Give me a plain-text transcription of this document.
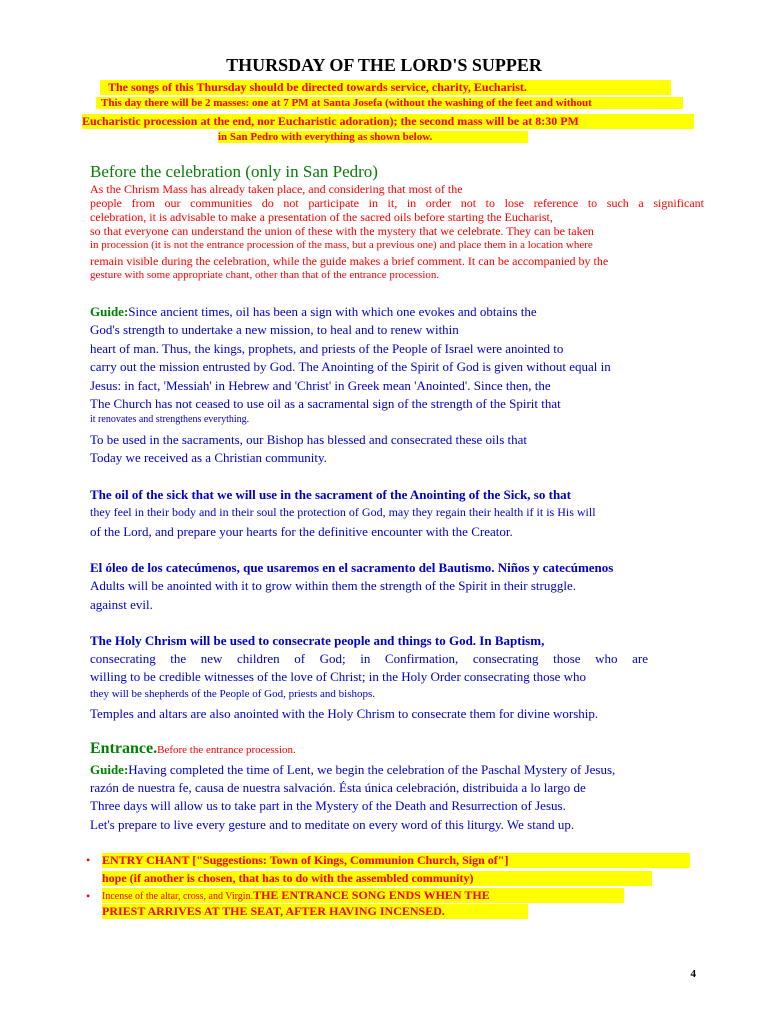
THURSDAY OF THE LORD'S SUPPER
The songs of this Thursday should be directed towards service, charity, Eucharist.
This day there will be 2 masses: one at 7 PM at Santa Josefa (without the washing of the feet and without
Eucharistic procession at the end, nor Eucharistic adoration); the second mass will be at 8:30 PM
in San Pedro with everything as shown below.
Before the celebration (only in San Pedro)
As the Chrism Mass has already taken place, and considering that most of the
people from our communities do not participate in it, in order not to lose reference to such a significant
celebration, it is advisable to make a presentation of the sacred oils before starting the Eucharist,
so that everyone can understand the union of these with the mystery that we celebrate. They can be taken
in procession (it is not the entrance procession of the mass, but a previous one) and place them in a location where
remain visible during the celebration, while the guide makes a brief comment. It can be accompanied by the
gesture with some appropriate chant, other than that of the entrance procession.
Guide:Since ancient times, oil has been a sign with which one evokes and obtains the
God's strength to undertake a new mission, to heal and to renew within
heart of man. Thus, the kings, prophets, and priests of the People of Israel were anointed to
carry out the mission entrusted by God. The Anointing of the Spirit of God is given without equal in
Jesus: in fact, 'Messiah' in Hebrew and 'Christ' in Greek mean 'Anointed'. Since then, the
The Church has not ceased to use oil as a sacramental sign of the strength of the Spirit that
it renovates and strengthens everything.
To be used in the sacraments, our Bishop has blessed and consecrated these oils that
Today we received as a Christian community.
The oil of the sick that we will use in the sacrament of the Anointing of the Sick, so that
they feel in their body and in their soul the protection of God, may they regain their health if it is His will
of the Lord, and prepare your hearts for the definitive encounter with the Creator.
El óleo de los catecúmenos, que usaremos en el sacramento del Bautismo. Niños y catecúmenos
Adults will be anointed with it to grow within them the strength of the Spirit in their struggle.
against evil.
The Holy Chrism will be used to consecrate people and things to God. In Baptism,
consecrating the new children of God; in Confirmation, consecrating those who are
willing to be credible witnesses of the love of Christ; in the Holy Order consecrating those who
they will be shepherds of the People of God, priests and bishops.
Temples and altars are also anointed with the Holy Chrism to consecrate them for divine worship.
Entrance.Before the entrance procession.
Guide:Having completed the time of Lent, we begin the celebration of the Paschal Mystery of Jesus,
razón de nuestra fe, causa de nuestra salvación. Ésta única celebración, distribuida a lo largo de
Three days will allow us to take part in the Mystery of the Death and Resurrection of Jesus.
Let's prepare to live every gesture and to meditate on every word of this liturgy. We stand up.
• ENTRY CHANT ["Suggestions: Town of Kings, Communion Church, Sign of"]
hope (if another is chosen, that has to do with the assembled community)
• Incense of the altar, cross, and Virgin.THE ENTRANCE SONG ENDS WHEN THE
PRIEST ARRIVES AT THE SEAT, AFTER HAVING INCENSED.
4
